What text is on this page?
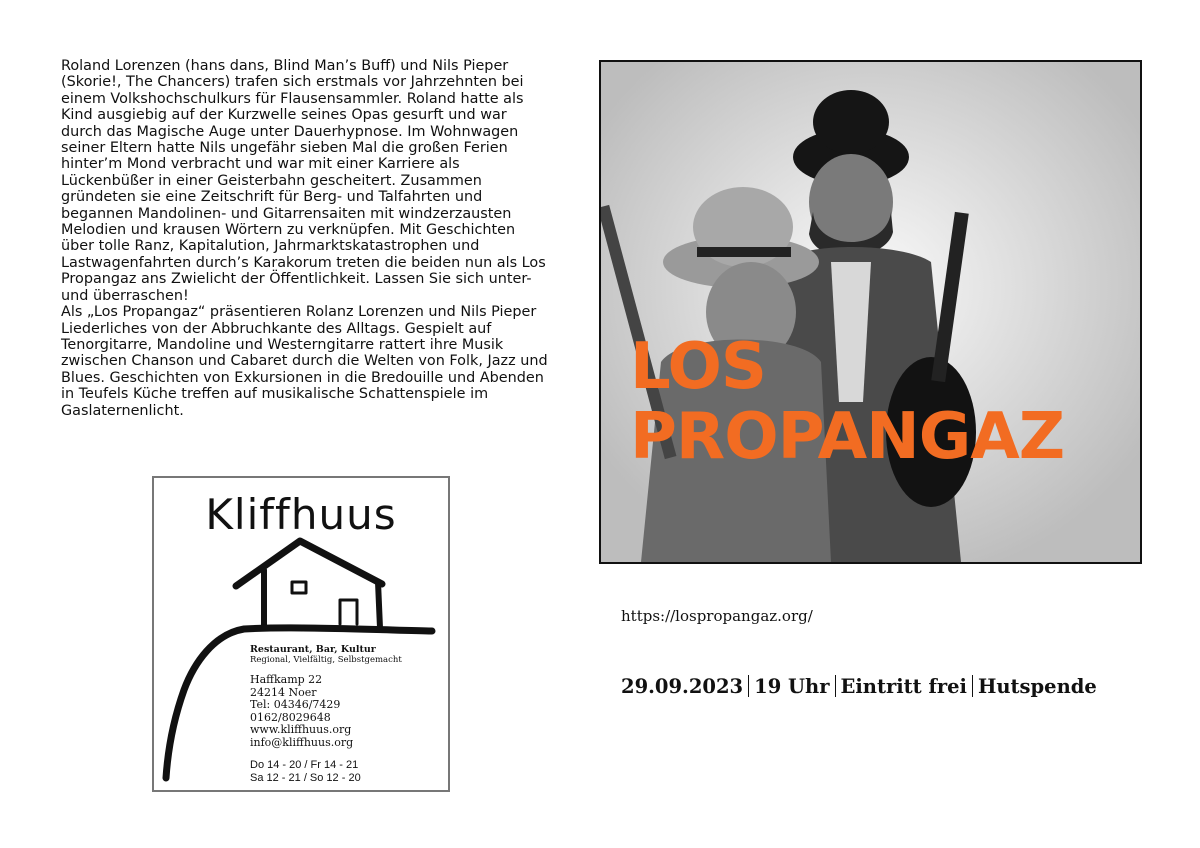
Roland Lorenzen (hans dans, Blind Man’s Buff) und Nils Pieper (Skorie!, The Chancers) trafen sich erstmals vor Jahrzehnten bei einem Volkshochschulkurs für Flausensammler. Roland hatte als Kind ausgiebig auf der Kurzwelle seines Opas gesurft und war durch das Magische Auge unter Dauerhypnose. Im Wohnwagen seiner Eltern hatte Nils ungefähr sieben Mal die großen Ferien hinter’m Mond verbracht und war mit einer Karriere als Lückenbüßer in einer Geisterbahn gescheitert. Zusammen gründeten sie eine Zeitschrift für Berg- und Talfahrten und begannen Mandolinen- und Gitarrensaiten mit windzerzausten Melodien und krausen Wörtern zu verknüpfen. Mit Geschichten über tolle Ranz, Kapitalution, Jahrmarktskatastrophen und Lastwagenfahrten durch’s Karakorum treten die beiden nun als Los Propangaz ans Zwielicht der Öffentlichkeit. Lassen Sie sich unter- und überraschen!

Als „Los Propangaz“ präsentieren Rolanz Lorenzen und Nils Pieper Liederliches von der Abbruchkante des Alltags. Gespielt auf Tenorgitarre, Mandoline und Westerngitarre rattert ihre Musik zwischen Chanson und Cabaret durch die Welten von Folk, Jazz und Blues. Geschichten von Exkursionen in die Bredouille und Abenden in Teufels Küche treffen auf musikalische Schattenspiele im Gaslaternenlicht.

Kliffhuus
Restaurant, Bar, Kultur
Regional, Vielfältig, Selbstgemacht
Haffkamp 22
24214 Noer
Tel: 04346/7429
0162/8029648
www.kliffhuus.org
info@kliffhuus.org
Do 14 - 20 / Fr 14 - 21
Sa 12 - 21 / So 12 - 20
LOS
PROPANGAZ
https://lospropangaz.org/
29.09.2023 19 Uhr Eintritt frei Hutspende
